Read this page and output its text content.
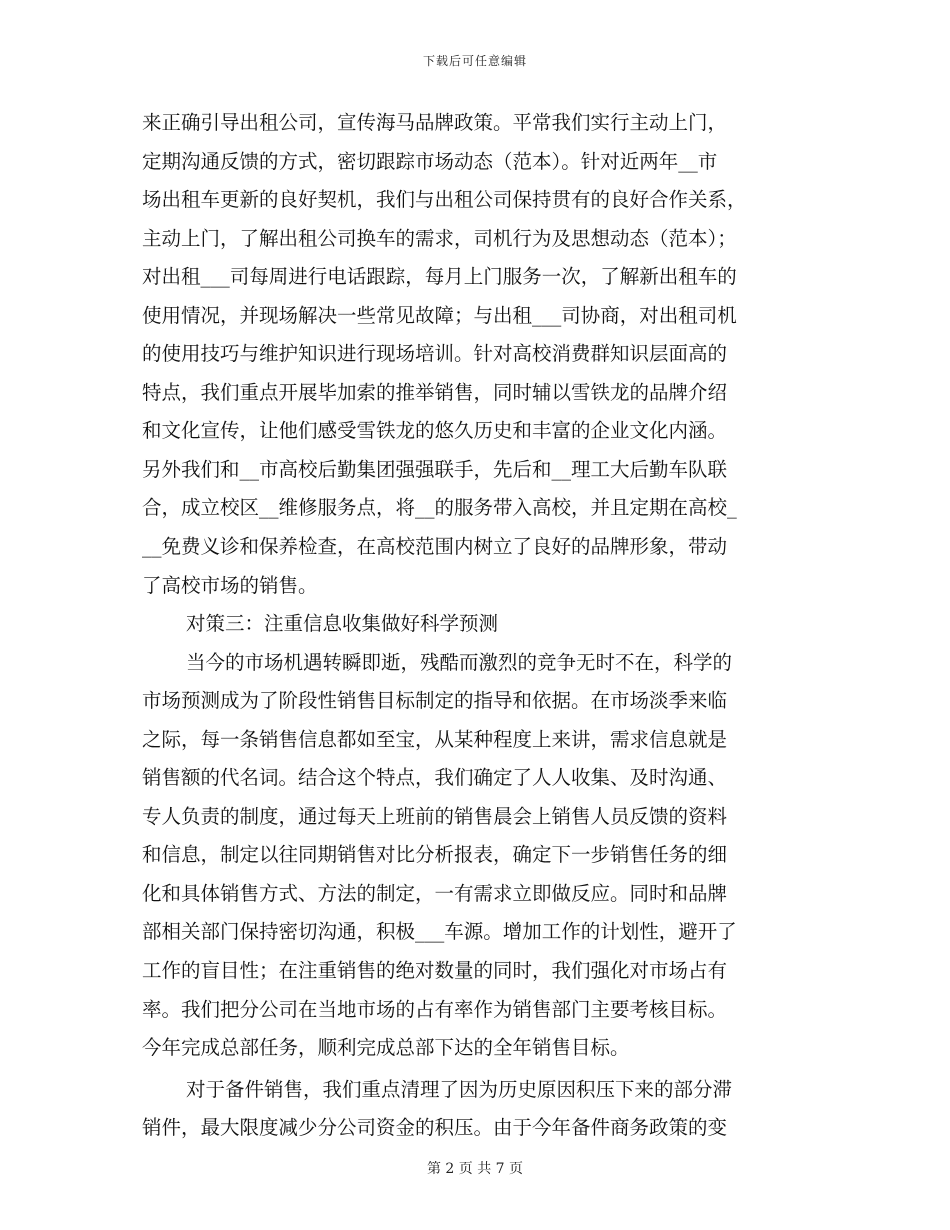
下载后可任意编辑
来正确引导出租公司，宣传海马品牌政策。平常我们实行主动上门，
定期沟通反馈的方式，密切跟踪市场动态（范本）。针对近两年__市
场出租车更新的良好契机，我们与出租公司保持贯有的良好合作关系，
主动上门，了解出租公司换车的需求，司机行为及思想动态（范本）；
对出租___司每周进行电话跟踪，每月上门服务一次，了解新出租车的
使用情况，并现场解决一些常见故障；与出租___司协商，对出租司机
的使用技巧与维护知识进行现场培训。针对高校消费群知识层面高的
特点，我们重点开展毕加索的推举销售，同时辅以雪铁龙的品牌介绍
和文化宣传，让他们感受雪铁龙的悠久历史和丰富的企业文化内涵。
另外我们和__市高校后勤集团强强联手，先后和__理工大后勤车队联
合，成立校区__维修服务点，将__的服务带入高校，并且定期在高校_
__免费义诊和保养检查，在高校范围内树立了良好的品牌形象，带动
了高校市场的销售。
对策三：注重信息收集做好科学预测
当今的市场机遇转瞬即逝，残酷而激烈的竞争无时不在，科学的
市场预测成为了阶段性销售目标制定的指导和依据。在市场淡季来临
之际，每一条销售信息都如至宝，从某种程度上来讲，需求信息就是
销售额的代名词。结合这个特点，我们确定了人人收集、及时沟通、
专人负责的制度，通过每天上班前的销售晨会上销售人员反馈的资料
和信息，制定以往同期销售对比分析报表，确定下一步销售任务的细
化和具体销售方式、方法的制定，一有需求立即做反应。同时和品牌
部相关部门保持密切沟通，积极___车源。增加工作的计划性，避开了
工作的盲目性；在注重销售的绝对数量的同时，我们强化对市场占有
率。我们把分公司在当地市场的占有率作为销售部门主要考核目标。
今年完成总部任务，顺利完成总部下达的全年销售目标。
对于备件销售，我们重点清理了因为历史原因积压下来的部分滞
销件，最大限度减少分公司资金的积压。由于今年备件商务政策的变
第 2 页 共 7 页
